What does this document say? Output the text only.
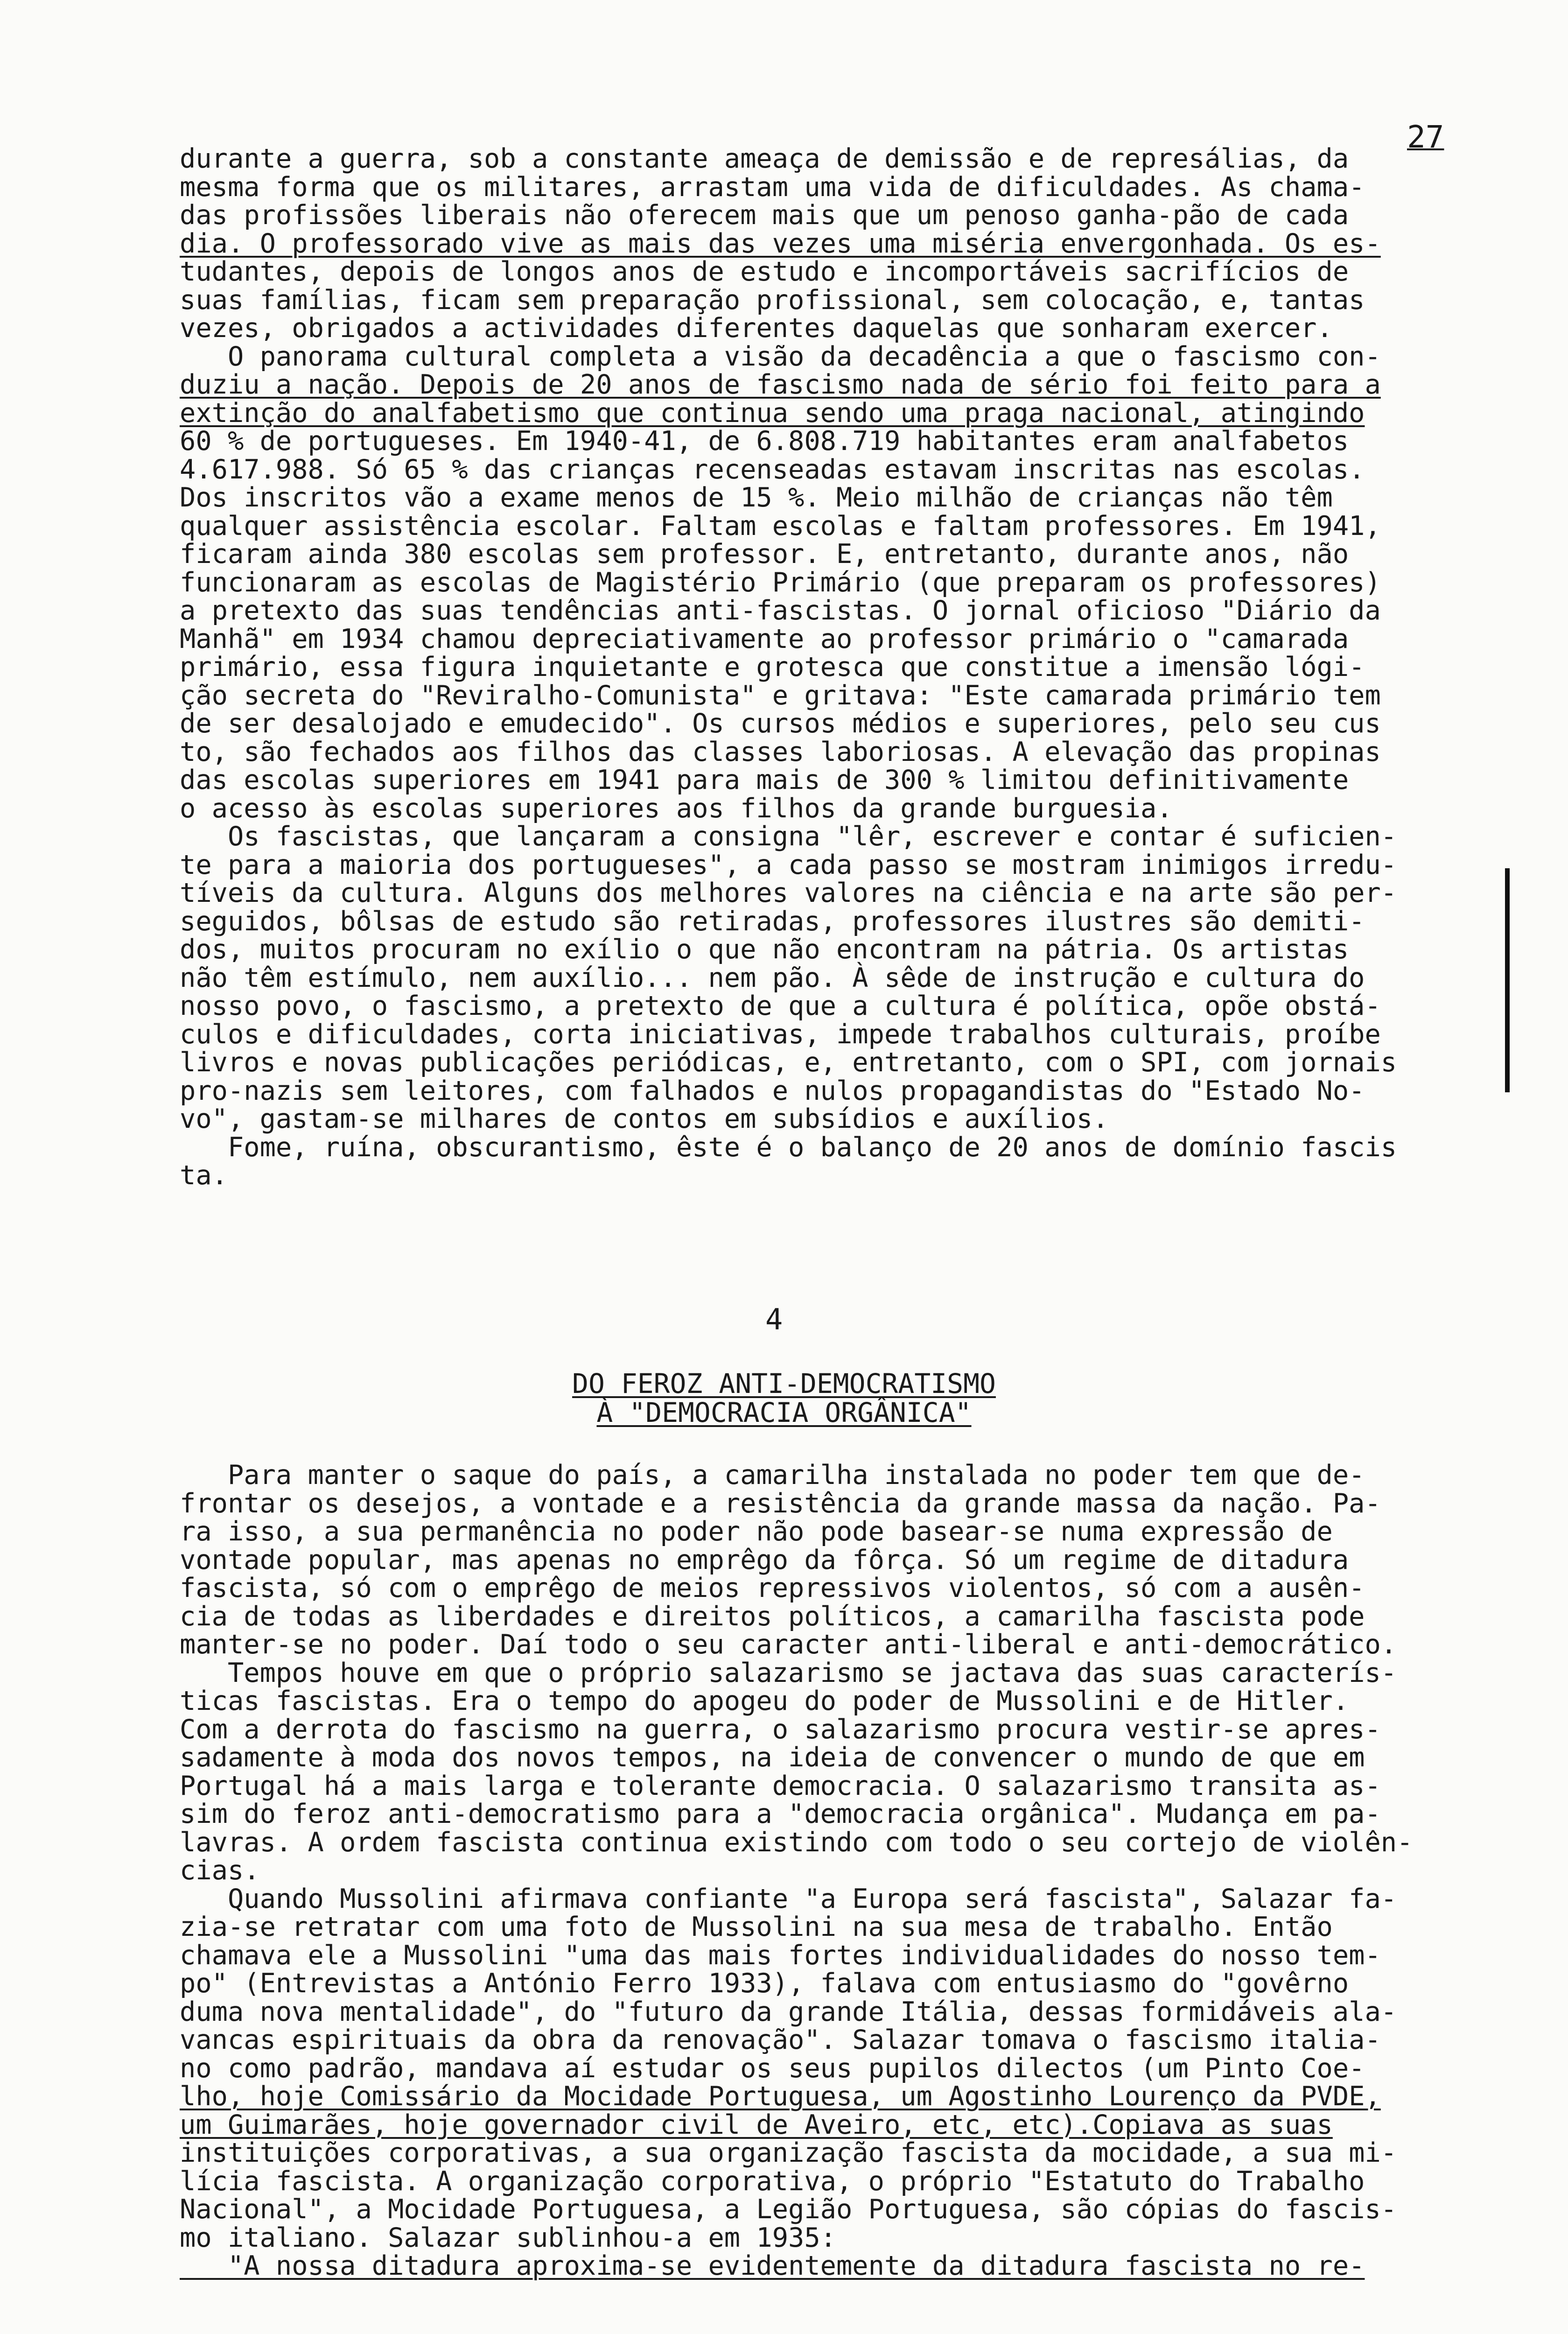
27
durante a guerra, sob a constante ameaça de demissão e de represálias, da
mesma forma que os militares, arrastam uma vida de dificuldades. As chama-
das profissões liberais não oferecem mais que um penoso ganha-pão de cada
dia. O professorado vive as mais das vezes uma miséria envergonhada. Os es-
tudantes, depois de longos anos de estudo e incomportáveis sacrifícios de
suas famílias, ficam sem preparação profissional, sem colocação, e, tantas
vezes, obrigados a actividades diferentes daquelas que sonharam exercer.
O panorama cultural completa a visão da decadência a que o fascismo con-
duziu a nação. Depois de 20 anos de fascismo nada de sério foi feito para a
extinção do analfabetismo que continua sendo uma praga nacional, atingindo
60 % de portugueses. Em 1940-41, de 6.808.719 habitantes eram analfabetos
4.617.988. Só 65 % das crianças recenseadas estavam inscritas nas escolas.
Dos inscritos vão a exame menos de 15 %. Meio milhão de crianças não têm
qualquer assistência escolar. Faltam escolas e faltam professores. Em 1941,
ficaram ainda 380 escolas sem professor. E, entretanto, durante anos, não
funcionaram as escolas de Magistério Primário (que preparam os professores)
a pretexto das suas tendências anti-fascistas. O jornal oficioso "Diário da
Manhã" em 1934 chamou depreciativamente ao professor primário o "camarada
primário, essa figura inquietante e grotesca que constitue a imensão lógi-
ção secreta do "Reviralho-Comunista" e gritava: "Este camarada primário tem
de ser desalojado e emudecido". Os cursos médios e superiores, pelo seu cus
to, são fechados aos filhos das classes laboriosas. A elevação das propinas
das escolas superiores em 1941 para mais de 300 % limitou definitivamente
o acesso às escolas superiores aos filhos da grande burguesia.
Os fascistas, que lançaram a consigna "lêr, escrever e contar é suficien-
te para a maioria dos portugueses", a cada passo se mostram inimigos irredu-
tíveis da cultura. Alguns dos melhores valores na ciência e na arte são per-
seguidos, bôlsas de estudo são retiradas, professores ilustres são demiti-
dos, muitos procuram no exílio o que não encontram na pátria. Os artistas
não têm estímulo, nem auxílio... nem pão. À sêde de instrução e cultura do
nosso povo, o fascismo, a pretexto de que a cultura é política, opõe obstá-
culos e dificuldades, corta iniciativas, impede trabalhos culturais, proíbe
livros e novas publicações periódicas, e, entretanto, com o SPI, com jornais
pro-nazis sem leitores, com falhados e nulos propagandistas do "Estado No-
vo", gastam-se milhares de contos em subsídios e auxílios.
Fome, ruína, obscurantismo, êste é o balanço de 20 anos de domínio fascis
ta.
4
DO FEROZ ANTI-DEMOCRATISMO
À "DEMOCRACIA ORGÂNICA"
Para manter o saque do país, a camarilha instalada no poder tem que de-
frontar os desejos, a vontade e a resistência da grande massa da nação. Pa-
ra isso, a sua permanência no poder não pode basear-se numa expressão de
vontade popular, mas apenas no emprêgo da fôrça. Só um regime de ditadura
fascista, só com o emprêgo de meios repressivos violentos, só com a ausên-
cia de todas as liberdades e direitos políticos, a camarilha fascista pode
manter-se no poder. Daí todo o seu caracter anti-liberal e anti-democrático.
Tempos houve em que o próprio salazarismo se jactava das suas caracterís-
ticas fascistas. Era o tempo do apogeu do poder de Mussolini e de Hitler.
Com a derrota do fascismo na guerra, o salazarismo procura vestir-se apres-
sadamente à moda dos novos tempos, na ideia de convencer o mundo de que em
Portugal há a mais larga e tolerante democracia. O salazarismo transita as-
sim do feroz anti-democratismo para a "democracia orgânica". Mudança em pa-
lavras. A ordem fascista continua existindo com todo o seu cortejo de violên-
cias.
Quando Mussolini afirmava confiante "a Europa será fascista", Salazar fa-
zia-se retratar com uma foto de Mussolini na sua mesa de trabalho. Então
chamava ele a Mussolini "uma das mais fortes individualidades do nosso tem-
po" (Entrevistas a António Ferro 1933), falava com entusiasmo do "govêrno
duma nova mentalidade", do "futuro da grande Itália, dessas formidáveis ala-
vancas espirituais da obra da renovação". Salazar tomava o fascismo italia-
no como padrão, mandava aí estudar os seus pupilos dilectos (um Pinto Coe-
lho, hoje Comissário da Mocidade Portuguesa, um Agostinho Lourenço da PVDE,
um Guimarães, hoje governador civil de Aveiro, etc, etc).Copiava as suas
instituições corporativas, a sua organização fascista da mocidade, a sua mi-
lícia fascista. A organização corporativa, o próprio "Estatuto do Trabalho
Nacional", a Mocidade Portuguesa, a Legião Portuguesa, são cópias do fascis-
mo italiano. Salazar sublinhou-a em 1935:
"A nossa ditadura aproxima-se evidentemente da ditadura fascista no re-
